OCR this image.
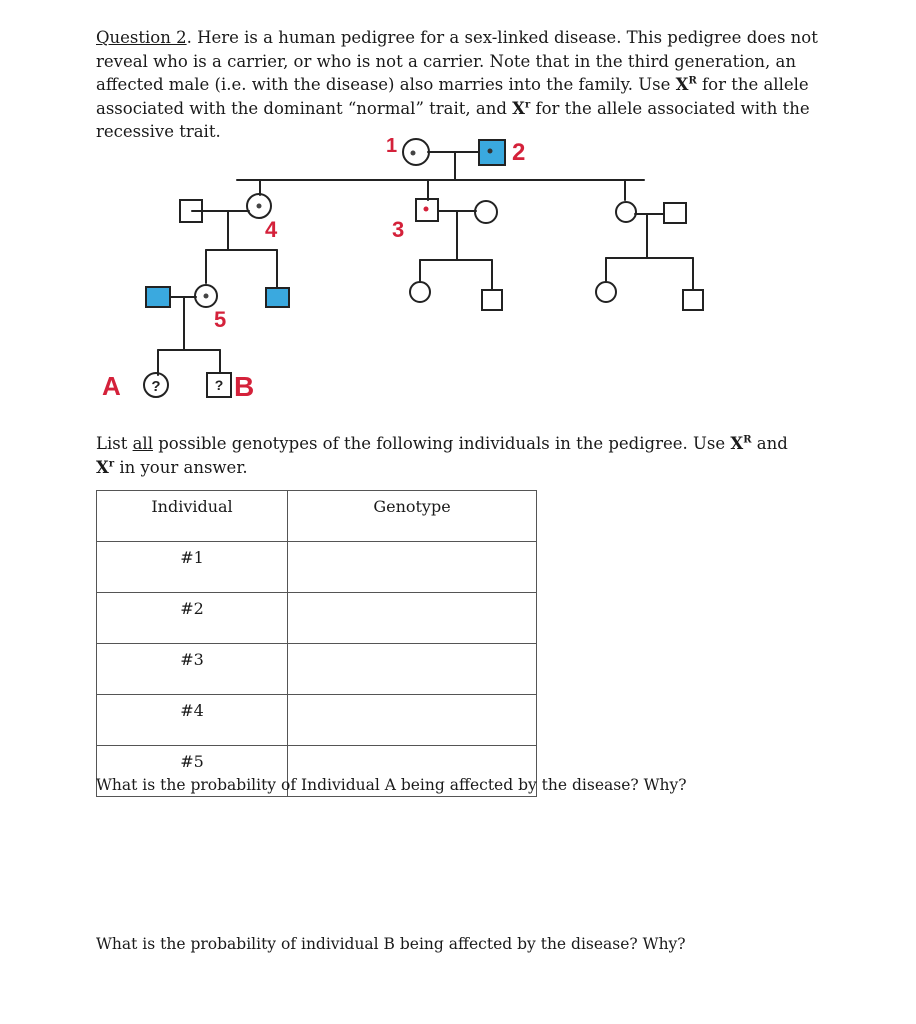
Question 2. Here is a human pedigree for a sex-linked disease. This pedigree does not reveal who is a carrier, or who is not a carrier. Note that in the third generation, an affected male (i.e. with the disease) also marries into the family. Use $X^R$ for the allele associated with the dominant “normal” trait, and $X^r$ for the allele associated with the recessive trait.

?	?
1	2
3
4
5
A	B

List all possible genotypes of the following individuals in the pedigree. Use $X^R$ and $X^r$ in your answer.

Individual	Genotype
#1	
#2	
#3	
#4	
#5	

What is the probability of Individual A being affected by the disease? Why?

What is the probability of individual B being affected by the disease? Why?
